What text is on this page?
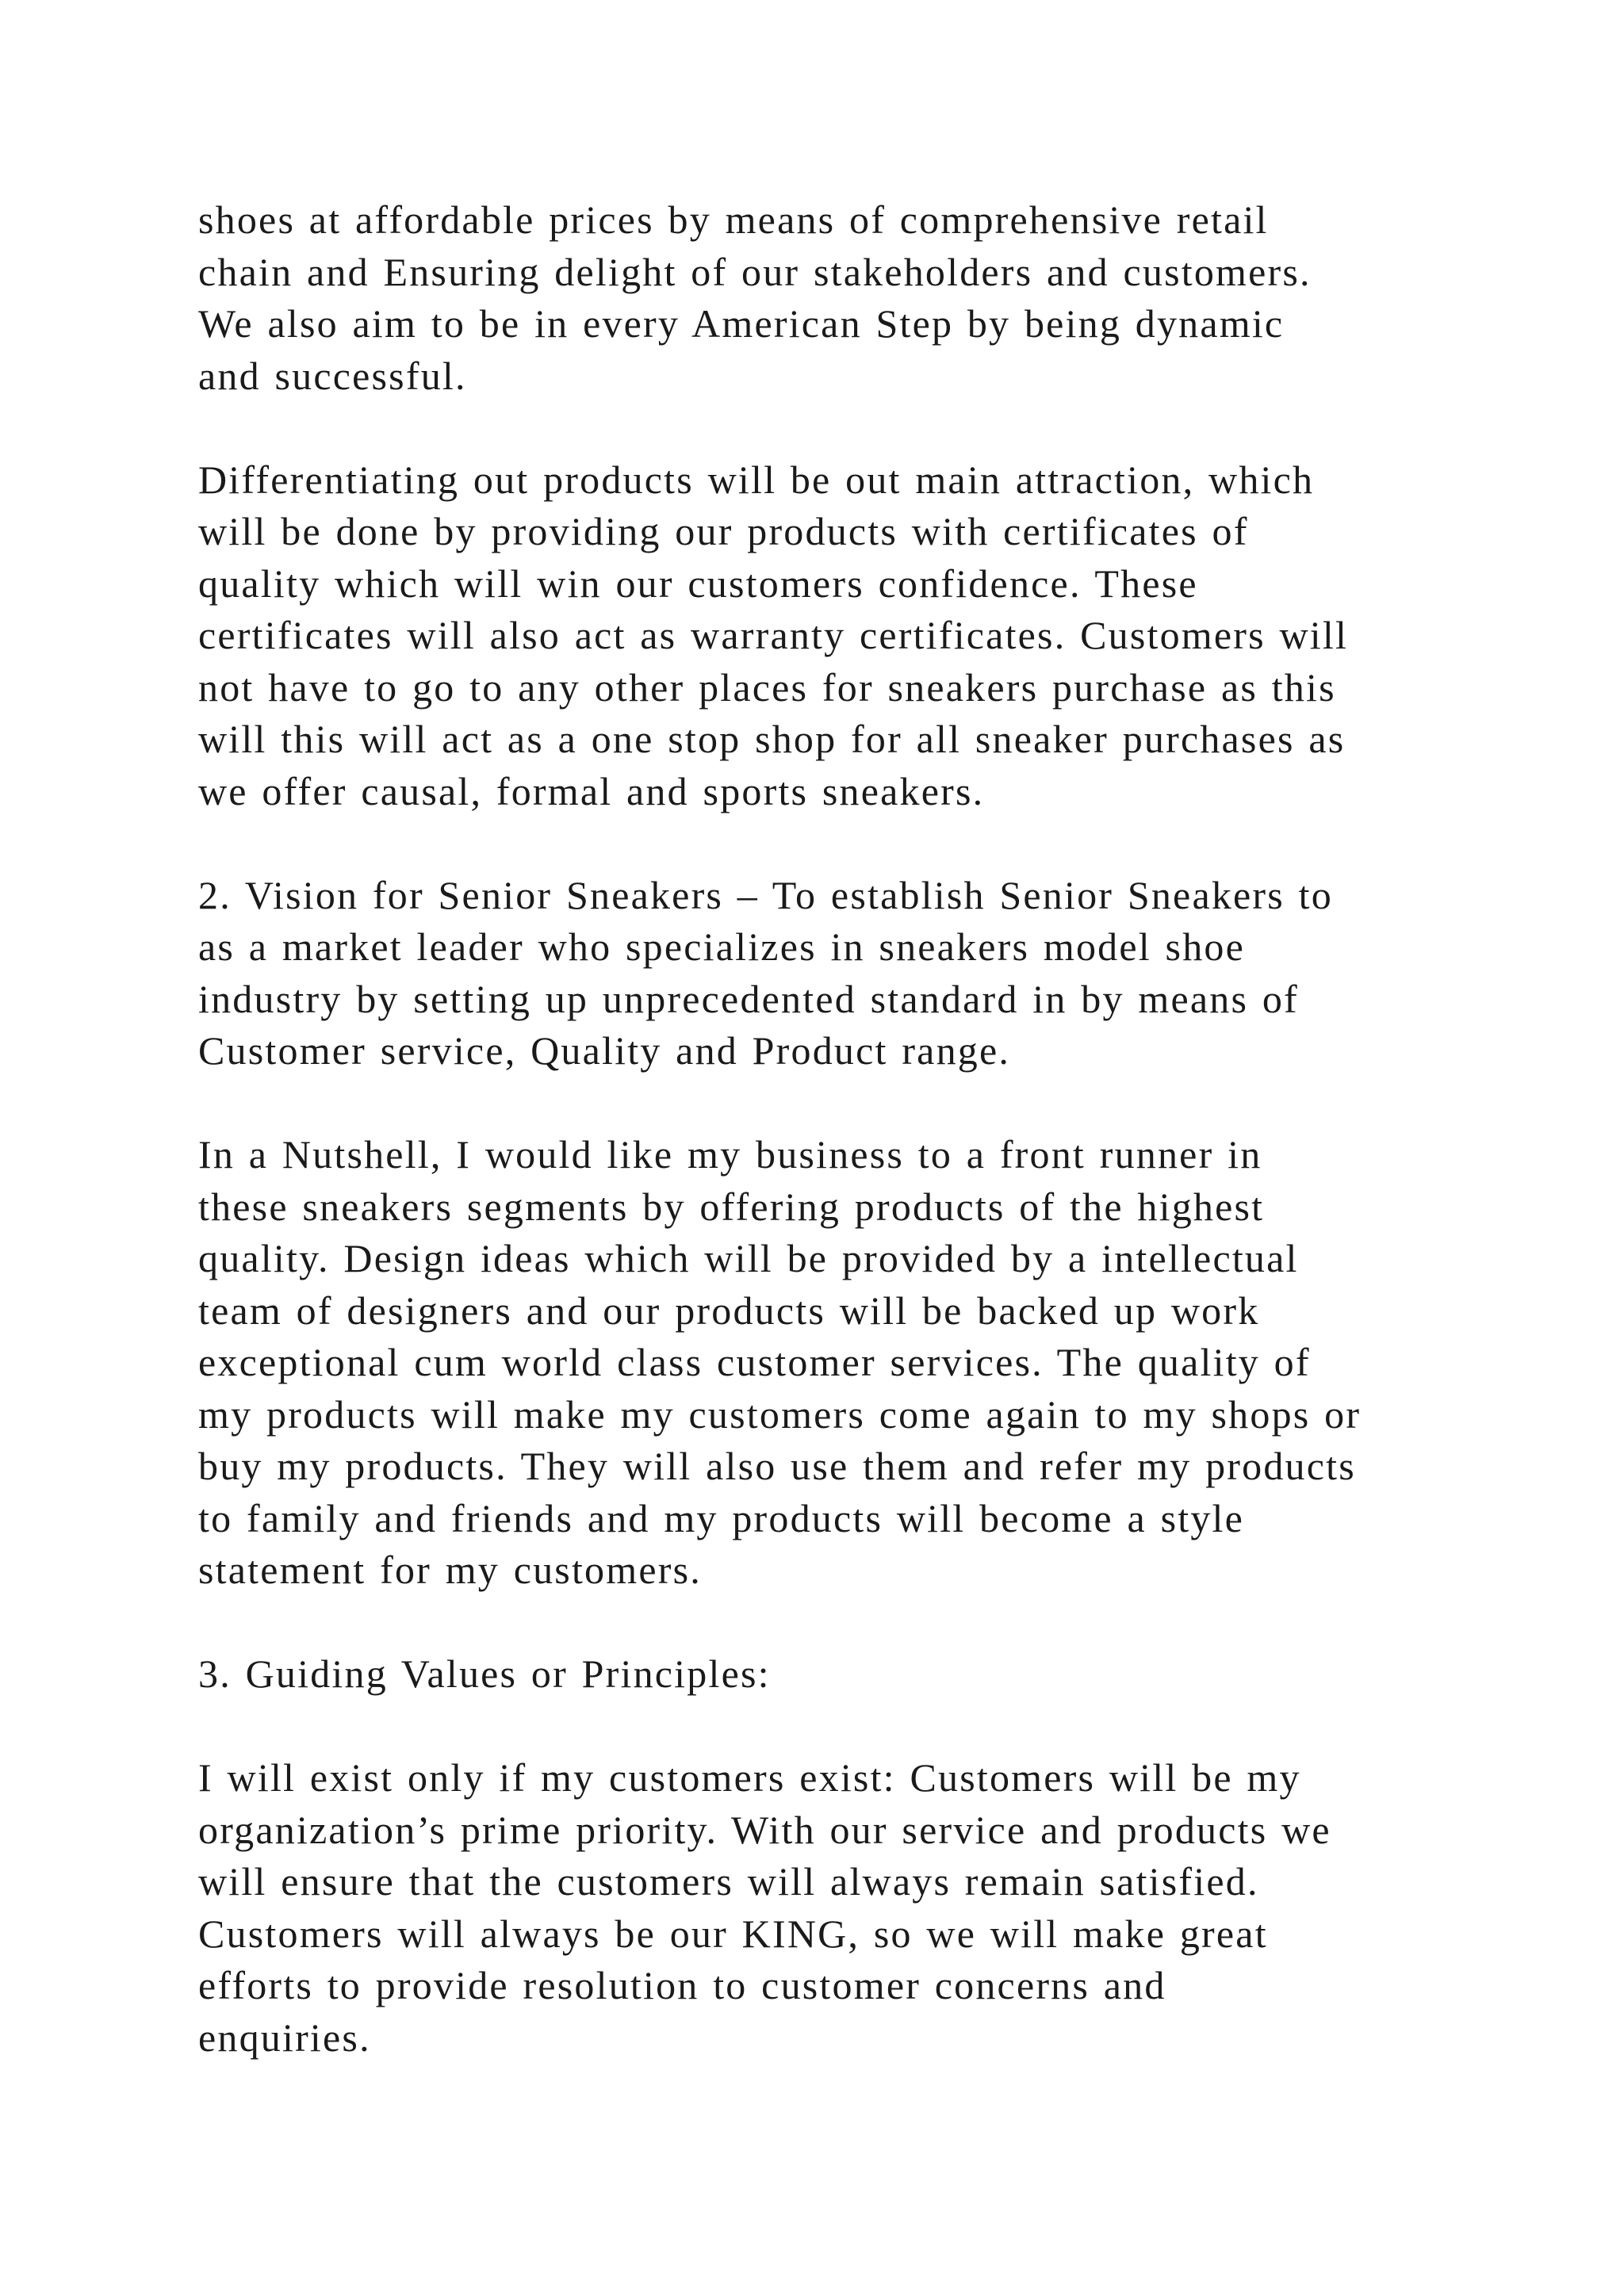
shoes at affordable prices by means of comprehensive retail
chain and Ensuring delight of our stakeholders and customers.
We also aim to be in every American Step by being dynamic
and successful.

Differentiating out products will be out main attraction, which
will be done by providing our products with certificates of
quality which will win our customers confidence. These
certificates will also act as warranty certificates. Customers will
not have to go to any other places for sneakers purchase as this
will this will act as a one stop shop for all sneaker purchases as
we offer causal, formal and sports sneakers.

2. Vision for Senior Sneakers – To establish Senior Sneakers to
as a market leader who specializes in sneakers model shoe
industry by setting up unprecedented standard in by means of
Customer service, Quality and Product range.

In a Nutshell, I would like my business to a front runner in
these sneakers segments by offering products of the highest
quality. Design ideas which will be provided by a intellectual
team of designers and our products will be backed up work
exceptional cum world class customer services. The quality of
my products will make my customers come again to my shops or
buy my products. They will also use them and refer my products
to family and friends and my products will become a style
statement for my customers.

3. Guiding Values or Principles:

I will exist only if my customers exist: Customers will be my
organization’s prime priority. With our service and products we
will ensure that the customers will always remain satisfied.
Customers will always be our KING, so we will make great
efforts to provide resolution to customer concerns and
enquiries.
